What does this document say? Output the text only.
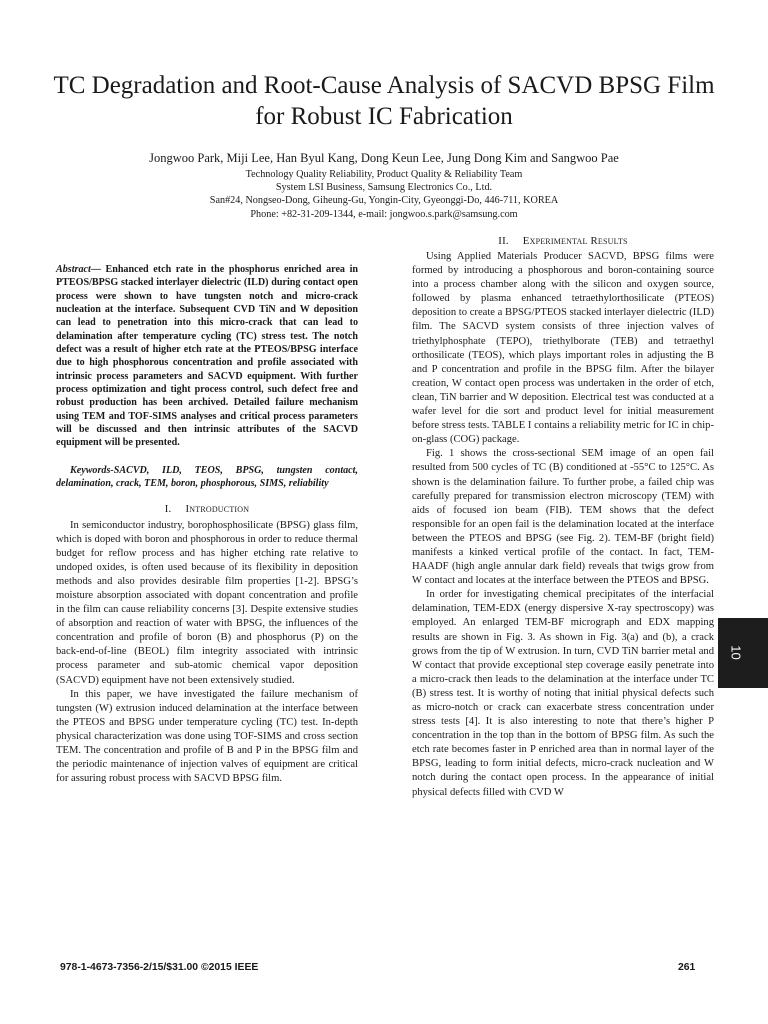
TC Degradation and Root-Cause Analysis of SACVD BPSG Film for Robust IC Fabrication
Jongwoo Park, Miji Lee, Han Byul Kang, Dong Keun Lee, Jung Dong Kim and Sangwoo Pae
Technology Quality Reliability, Product Quality & Reliability Team
System LSI Business, Samsung Electronics Co., Ltd.
San#24, Nongseo-Dong, Giheung-Gu, Yongin-City, Gyeonggi-Do, 446-711, KOREA
Phone: +82-31-209-1344, e-mail: jongwoo.s.park@samsung.com

Abstract— Enhanced etch rate in the phosphorus enriched area in PTEOS/BPSG stacked interlayer dielectric (ILD) during contact open process were shown to have tungsten notch and micro-crack nucleation at the interface. Subsequent CVD TiN and W deposition can lead to penetration into this micro-crack that can lead to delamination after temperature cycling (TC) stress test. The notch defect was a result of higher etch rate at the PTEOS/BPSG interface due to high phosphorous concentration and profile associated with intrinsic process parameters and SACVD equipment. With further process optimization and tight process control, such defect free and robust production has been archived. Detailed failure mechanism using TEM and TOF-SIMS analyses and critical process parameters will be discussed and then intrinsic attributes of the SACVD equipment will be presented.

Keywords-SACVD, ILD, TEOS, BPSG, tungsten contact, delamination, crack, TEM, boron, phosphorous, SIMS, reliability

I. Introduction

In semiconductor industry, borophosphosilicate (BPSG) glass film, which is doped with boron and phosphorous in order to reduce thermal budget for reflow process and has higher etching rate relative to undoped oxides, is often used because of its flexibility in deposition methods and also provides desirable film properties [1-2]. BPSG’s moisture absorption associated with dopant concentration and profile in the film can cause reliability concerns [3]. Despite extensive studies of absorption and reaction of water with BPSG, the influences of the concentration and profile of boron (B) and phosphorus (P) on the back-end-of-line (BEOL) film integrity associated with intrinsic process parameter and sub-atomic chemical vapor deposition (SACVD) equipment have not been extensively studied.

In this paper, we have investigated the failure mechanism of tungsten (W) extrusion induced delamination at the interface between the PTEOS and BPSG under temperature cycling (TC) test. In-depth physical characterization was done using TOF-SIMS and cross section TEM. The concentration and profile of B and P in the BPSG film and the periodic maintenance of injection valves of equipment are critical for assuring robust process with SACVD BPSG film.

II. Experimental Results

Using Applied Materials Producer SACVD, BPSG films were formed by introducing a phosphorous and boron-containing source into a process chamber along with the silicon and oxygen source, followed by plasma enhanced tetraethylorthosilicate (PTEOS) deposition to create a BPSG/PTEOS stacked interlayer dielectric (ILD) film. The SACVD system consists of three injection valves of triethylphosphate (TEPO), triethylborate (TEB) and tetraethyl orthosilicate (TEOS), which plays important roles in adjusting the B and P concentration and profile in the BPSG film. After the bilayer creation, W contact open process was undertaken in the order of etch, clean, TiN barrier and W deposition. Electrical test was conducted at a wafer level for die sort and product level for initial measurement before stress tests. TABLE I contains a reliability metric for IC in chip-on-glass (COG) package.

Fig. 1 shows the cross-sectional SEM image of an open fail resulted from 500 cycles of TC (B) conditioned at -55°C to 125°C. As shown is the delamination failure. To further probe, a failed chip was carefully prepared for transmission electron microscopy (TEM) with aids of focused ion beam (FIB). TEM shows that the defect responsible for an open fail is the delamination located at the interface between the PTEOS and BPSG (see Fig. 2). TEM-BF (bright field) manifests a kinked vertical profile of the contact. In fact, TEM-HAADF (high angle annular dark field) reveals that twigs grow from W contact and locates at the interface between the PTEOS and BPSG.

In order for investigating chemical precipitates of the interfacial delamination, TEM-EDX (energy dispersive X-ray spectroscopy) was employed. An enlarged TEM-BF micrograph and EDX mapping results are shown in Fig. 3. As shown in Fig. 3(a) and (b), a crack grows from the tip of W extrusion. In turn, CVD TiN barrier metal and W contact that provide exceptional step coverage easily penetrate into a micro-crack then leads to the delamination at the interface under TC (B) stress test. It is worthy of noting that initial physical defects such as micro-notch or crack can exacerbate stress concentration under stress tests [4]. It is also interesting to note that there’s higher P concentration in the top than in the bottom of BPSG film. As such the etch rate becomes faster in P enriched area than in normal layer of the BPSG, leading to form initial defects, micro-crack nucleation and W notch during the contact open process. In the appearance of initial physical defects filled with CVD W

10
978-1-4673-7356-2/15/$31.00 ©2015 IEEE	261
